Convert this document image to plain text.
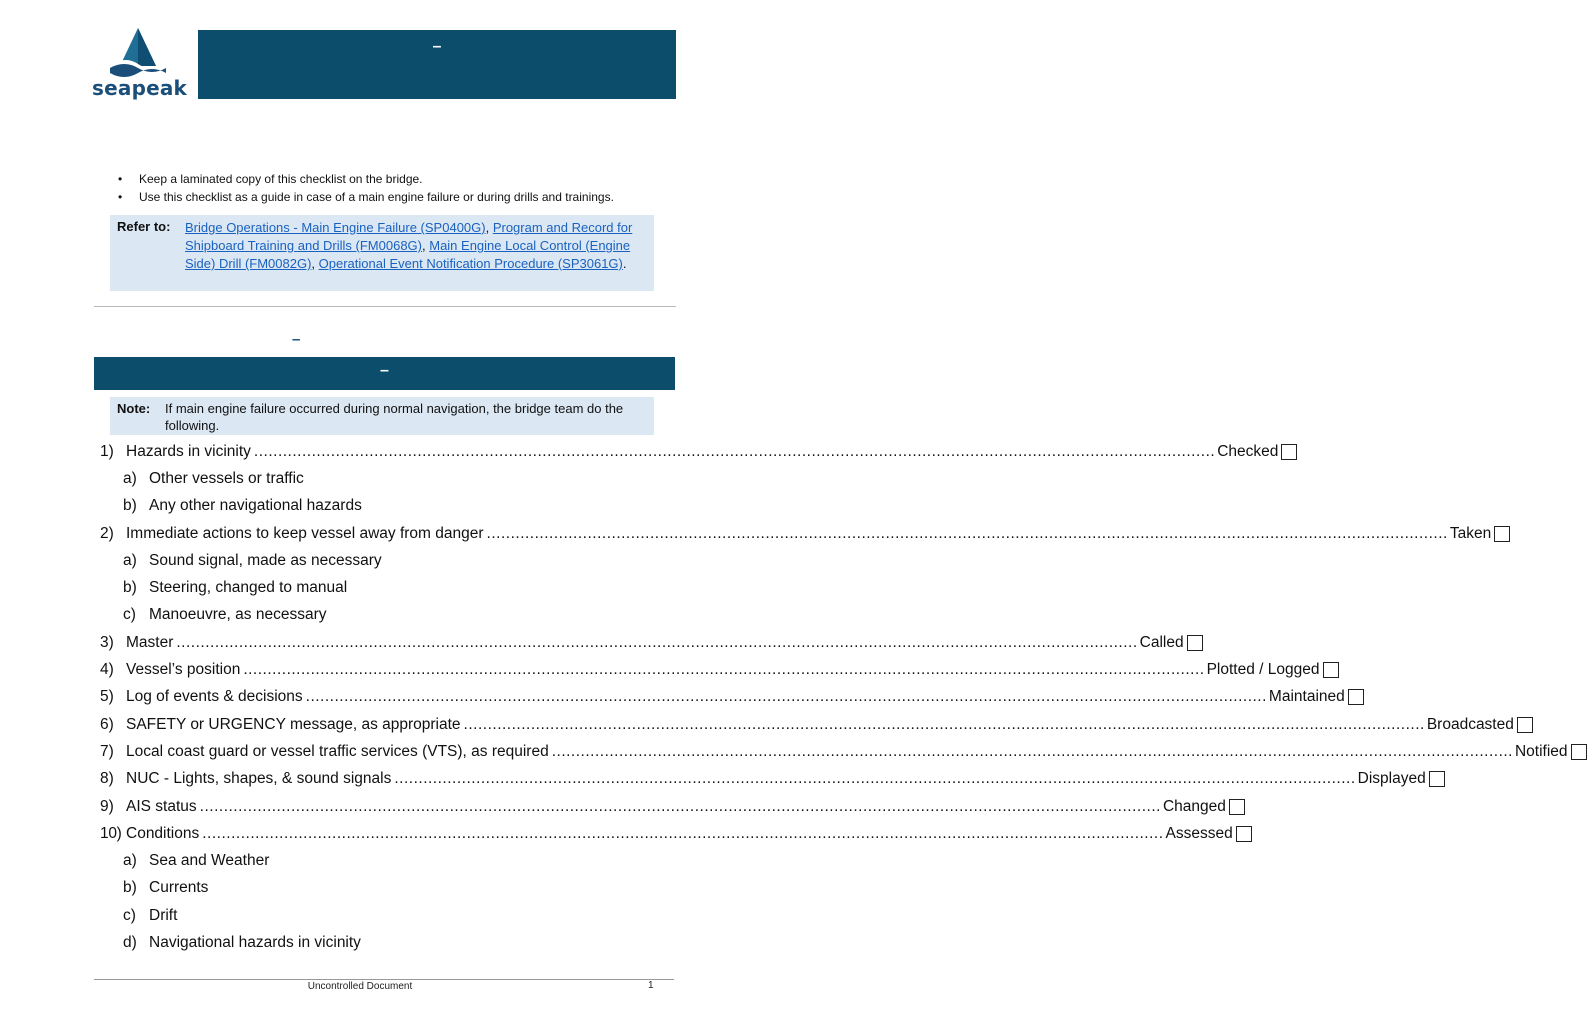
seapeak
–
• Keep a laminated copy of this checklist on the bridge.
• Use this checklist as a guide in case of a main engine failure or during drills and trainings.
Refer to: Bridge Operations - Main Engine Failure (SP0400G), Program and Record for Shipboard Training and Drills (FM0068G), Main Engine Local Control (Engine Side) Drill (FM0082G), Operational Event Notification Procedure (SP3061G).
–
–
Note: If main engine failure occurred during normal navigation, the bridge team do the following.
1) Hazards in vicinity ........................................................................................................................................................................................................ Checked
a) Other vessels or traffic
b) Any other navigational hazards
2) Immediate actions to keep vessel away from danger ........................................................................................................................................................................................................ Taken
a) Sound signal, made as necessary
b) Steering, changed to manual
c) Manoeuvre, as necessary
3) Master ........................................................................................................................................................................................................ Called
4) Vessel’s position ........................................................................................................................................................................................................ Plotted / Logged
5) Log of events & decisions ........................................................................................................................................................................................................ Maintained
6) SAFETY or URGENCY message, as appropriate ........................................................................................................................................................................................................ Broadcasted
7) Local coast guard or vessel traffic services (VTS), as required ........................................................................................................................................................................................................ Notified
8) NUC - Lights, shapes, & sound signals ........................................................................................................................................................................................................ Displayed
9) AIS status ........................................................................................................................................................................................................ Changed
10) Conditions ........................................................................................................................................................................................................ Assessed
a) Sea and Weather
b) Currents
c) Drift
d) Navigational hazards in vicinity
Uncontrolled Document	1
